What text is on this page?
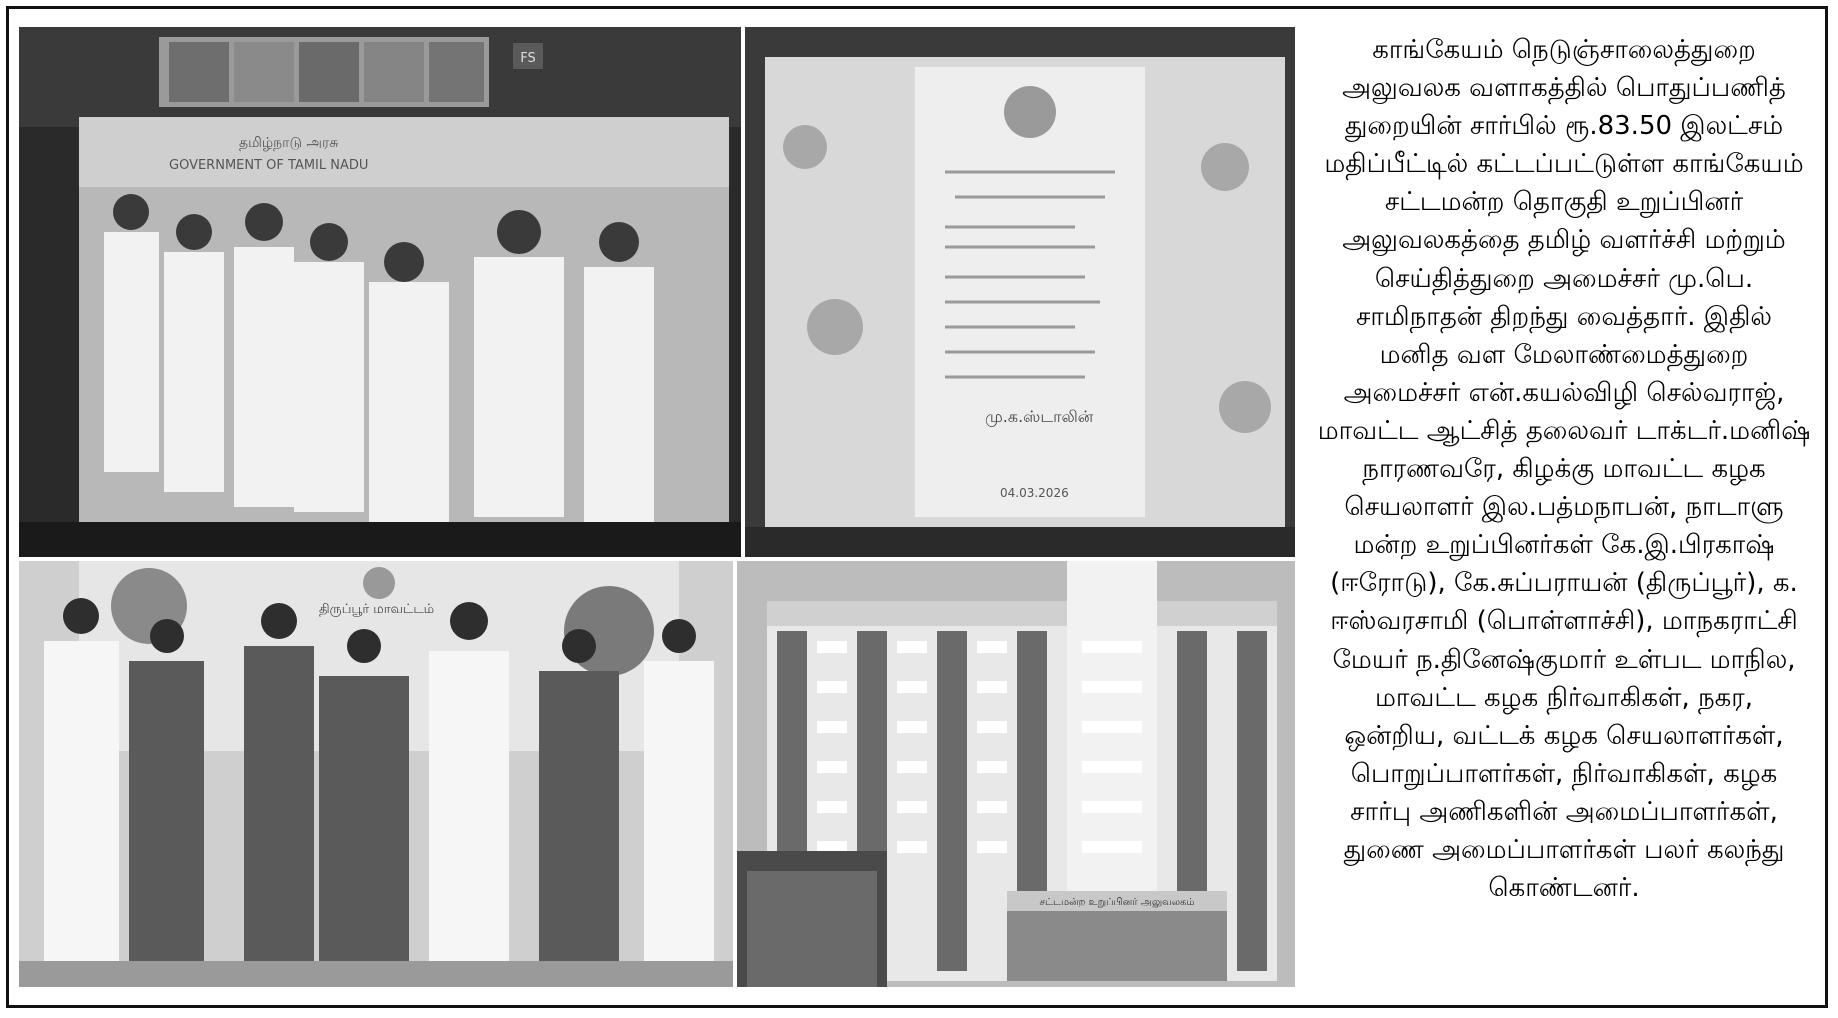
FS
தமிழ்நாடு அரசு
GOVERNMENT OF TAMIL NADU
மு.க.ஸ்டாலின்
04.03.2026
திருப்பூர் மாவட்டம்
சட்டமன்ற உறுப்பினர் அலுவலகம்
காங்கேயம் நெடுஞ்சாலைத்துறை
அலுவலக வளாகத்தில் பொதுப்பணித்
துறையின் சார்பில் ரூ.83.50 இலட்சம்
மதிப்பீட்டில் கட்டப்பட்டுள்ள காங்கேயம்
சட்டமன்ற தொகுதி உறுப்பினர்
அலுவலகத்தை தமிழ் வளர்ச்சி மற்றும்
செய்தித்துறை அமைச்சர் மு.பெ.
சாமிநாதன் திறந்து வைத்தார். இதில்
மனித வள மேலாண்மைத்துறை
அமைச்சர் என்.கயல்விழி செல்வராஜ்,
மாவட்ட ஆட்சித் தலைவர் டாக்டர்.மனிஷ்
நாரணவரே, கிழக்கு மாவட்ட கழக
செயலாளர் இல.பத்மநாபன், நாடாளு
மன்ற உறுப்பினர்கள் கே.இ.பிரகாஷ்
(ஈரோடு), கே.சுப்பராயன் (திருப்பூர்), க.
ஈஸ்வரசாமி (பொள்ளாச்சி), மாநகராட்சி
மேயர் ந.தினேஷ்குமார் உள்பட மாநில,
மாவட்ட கழக நிர்வாகிகள், நகர,
ஒன்றிய, வட்டக் கழக செயலாளர்கள்,
பொறுப்பாளர்கள், நிர்வாகிகள், கழக
சார்பு அணிகளின் அமைப்பாளர்கள்,
துணை அமைப்பாளர்கள் பலர் கலந்து
கொண்டனர்.
